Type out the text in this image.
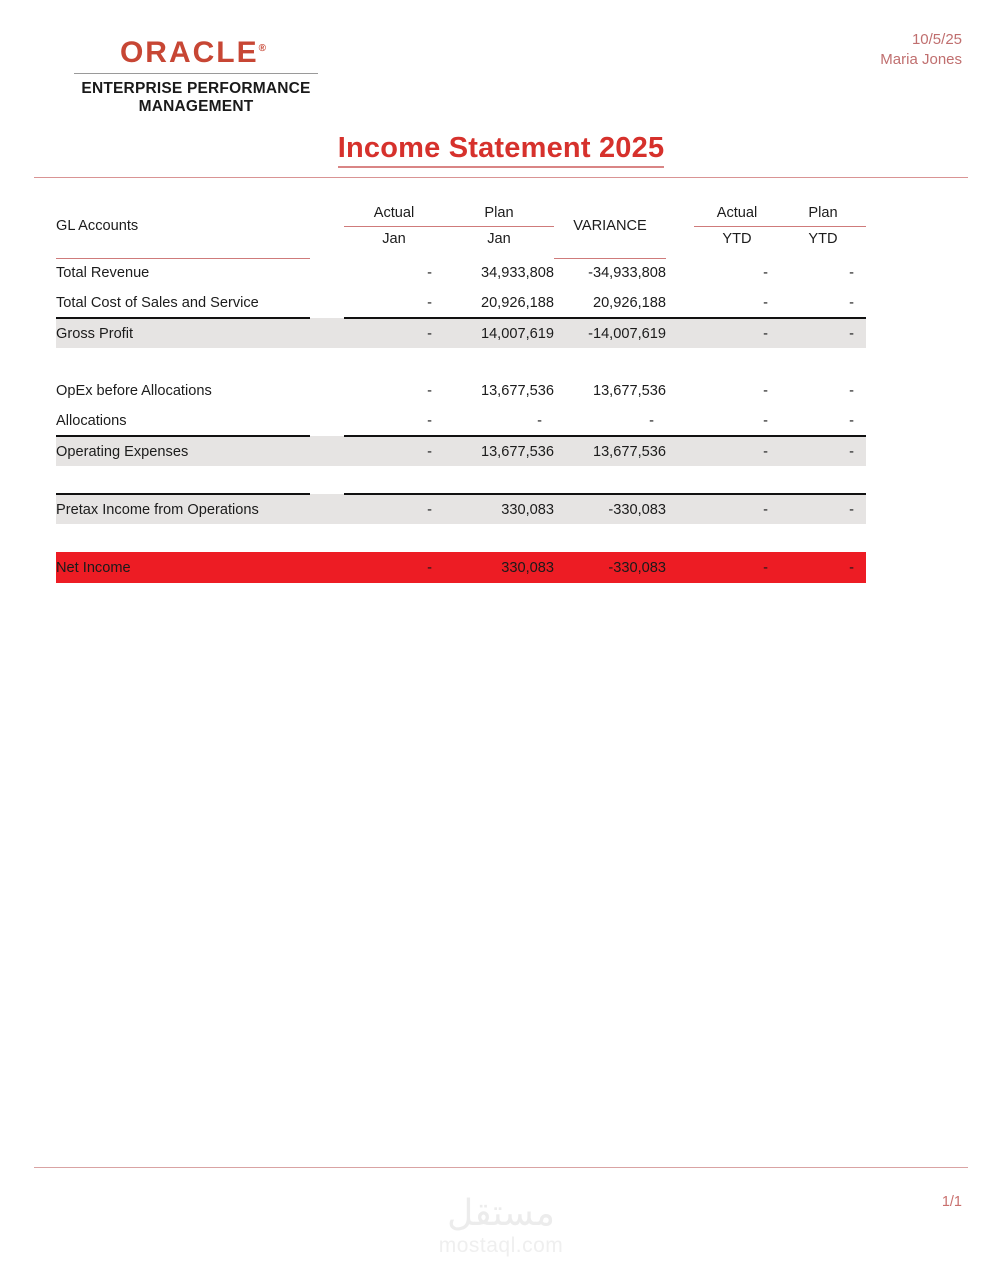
ORACLE®
ENTERPRISE PERFORMANCE
MANAGEMENT
10/5/25
Maria Jones
Income Statement 2025
GL Accounts		Actual	Plan	VARIANCE		Actual	Plan
		Jan	Jan			YTD	YTD

Total Revenue		-	34,933,808	-34,933,808		-	-
Total Cost of Sales and Service		-	20,926,188	20,926,188		-	-
Gross Profit		-	14,007,619	-14,007,619		-	-

OpEx before Allocations		-	13,677,536	13,677,536		-	-
Allocations		-	-	-		-	-
Operating Expenses		-	13,677,536	13,677,536		-	-

Pretax Income from Operations		-	330,083	-330,083		-	-

Net Income		-	330,083	-330,083		-	-
1/1
مستقل
mostaql.com
